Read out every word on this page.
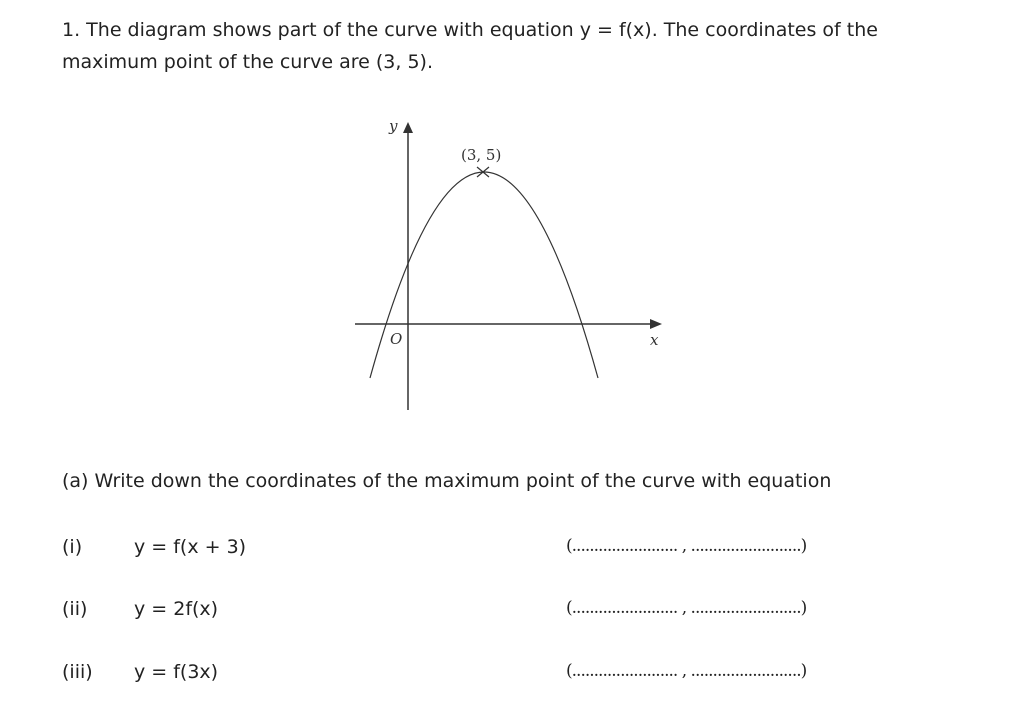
1. The diagram shows part of the curve with equation y = f(x). The coordinates of the maximum point of the curve are (3, 5).
y
x
O
(3, 5)
(a) Write down the coordinates of the maximum point of the curve with equation
(i)	y = f(x + 3)	(........................ , .........................)
(ii) y = 2f(x)	(........................ , .........................)
(iii) y = f(3x)	(........................ , .........................)
